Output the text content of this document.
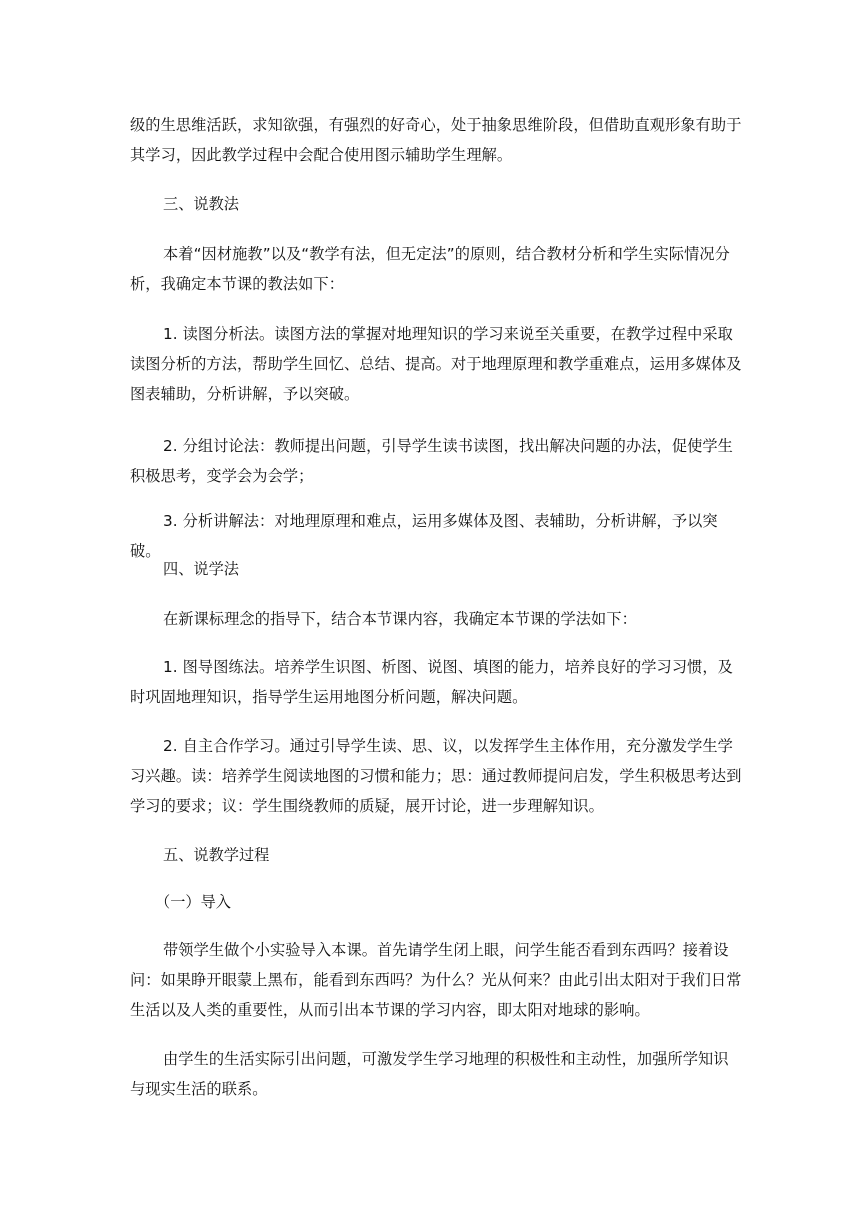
级的生思维活跃，求知欲强，有强烈的好奇心，处于抽象思维阶段，但借助直观形象有助于其学习，因此教学过程中会配合使用图示辅助学生理解。

三、说教法

本着“因材施教”以及“教学有法，但无定法”的原则，结合教材分析和学生实际情况分析，我确定本节课的教法如下：

1. 读图分析法。读图方法的掌握对地理知识的学习来说至关重要，在教学过程中采取读图分析的方法，帮助学生回忆、总结、提高。对于地理原理和教学重难点，运用多媒体及图表辅助，分析讲解，予以突破。

2. 分组讨论法：教师提出问题，引导学生读书读图，找出解决问题的办法，促使学生积极思考，变学会为会学；

3. 分析讲解法：对地理原理和难点，运用多媒体及图、表辅助，分析讲解，予以突破。

四、说学法

在新课标理念的指导下，结合本节课内容，我确定本节课的学法如下：

1. 图导图练法。培养学生识图、析图、说图、填图的能力，培养良好的学习习惯，及时巩固地理知识，指导学生运用地图分析问题，解决问题。

2. 自主合作学习。通过引导学生读、思、议，以发挥学生主体作用，充分激发学生学习兴趣。读：培养学生阅读地图的习惯和能力；思：通过教师提问启发，学生积极思考达到学习的要求；议：学生围绕教师的质疑，展开讨论，进一步理解知识。

五、说教学过程

（一）导入

带领学生做个小实验导入本课。首先请学生闭上眼，问学生能否看到东西吗？接着设问：如果睁开眼蒙上黑布，能看到东西吗？为什么？光从何来？由此引出太阳对于我们日常生活以及人类的重要性，从而引出本节课的学习内容，即太阳对地球的影响。

由学生的生活实际引出问题，可激发学生学习地理的积极性和主动性，加强所学知识与现实生活的联系。
